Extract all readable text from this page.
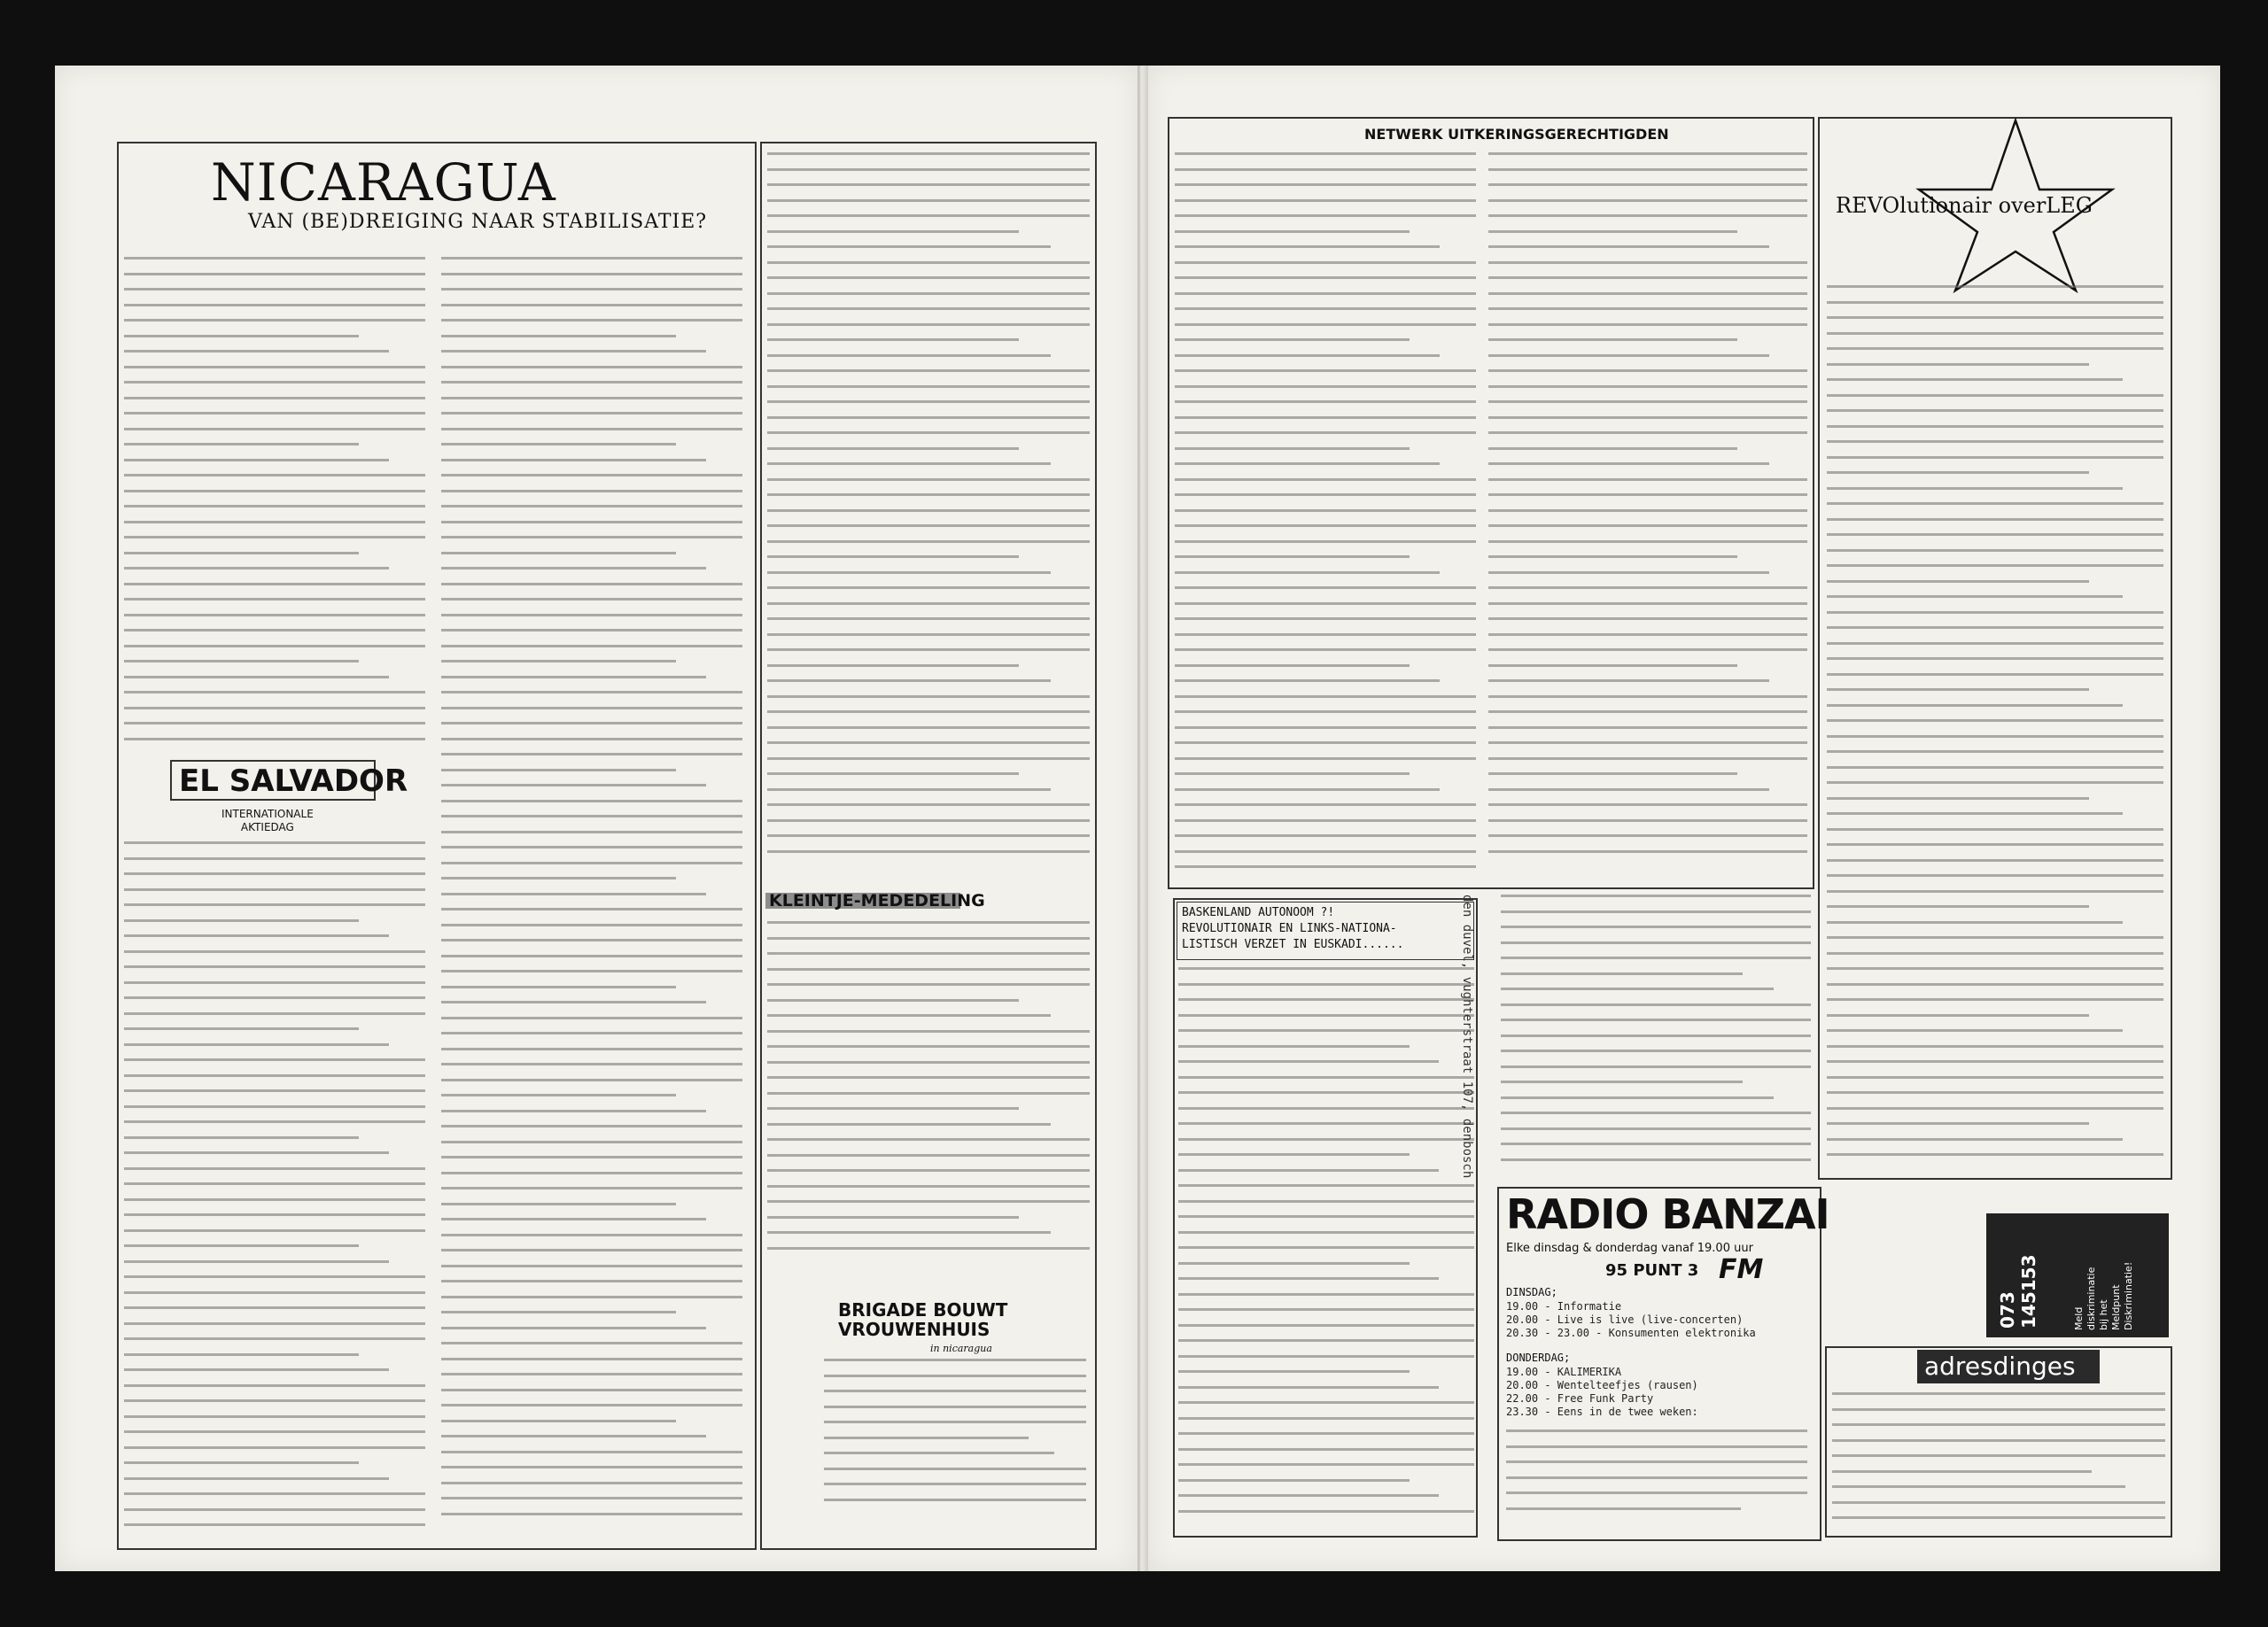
NICARAGUA
VAN (BE)DREIGING NAAR STABILISATIE?
EL SALVADOR
INTERNATIONALE
AKTIEDAG
KLEINTJE-MEDEDELING
BRIGADE BOUWT
VROUWENHUIS
in nicaragua
NETWERK UITKERINGSGERECHTIGDEN
REVOlutionair overLEG
BASKENLAND AUTONOOM ?!
REVOLUTIONAIR EN LINKS-NATIONA-
LISTISCH VERZET IN EUSKADI......	den duvel, vughterstraat 107, denbosch
RADIO BANZAI
Elke dinsdag & donderdag vanaf 19.00 uur
95 PUNT 3 FM
DINSDAG;
19.00 - Informatie
20.00 - Live is live (live-concerten)
20.30 - 23.00 - Konsumenten elektronika
DONDERDAG;
19.00 - KALIMERIKA
20.00 - Wentelteefjes (rausen)
22.00 - Free Funk Party
23.30 - Eens in de twee weken:
073
145153	Meld
diskriminatie
bij het
Meldpunt
Diskriminatie!
adresdinges
